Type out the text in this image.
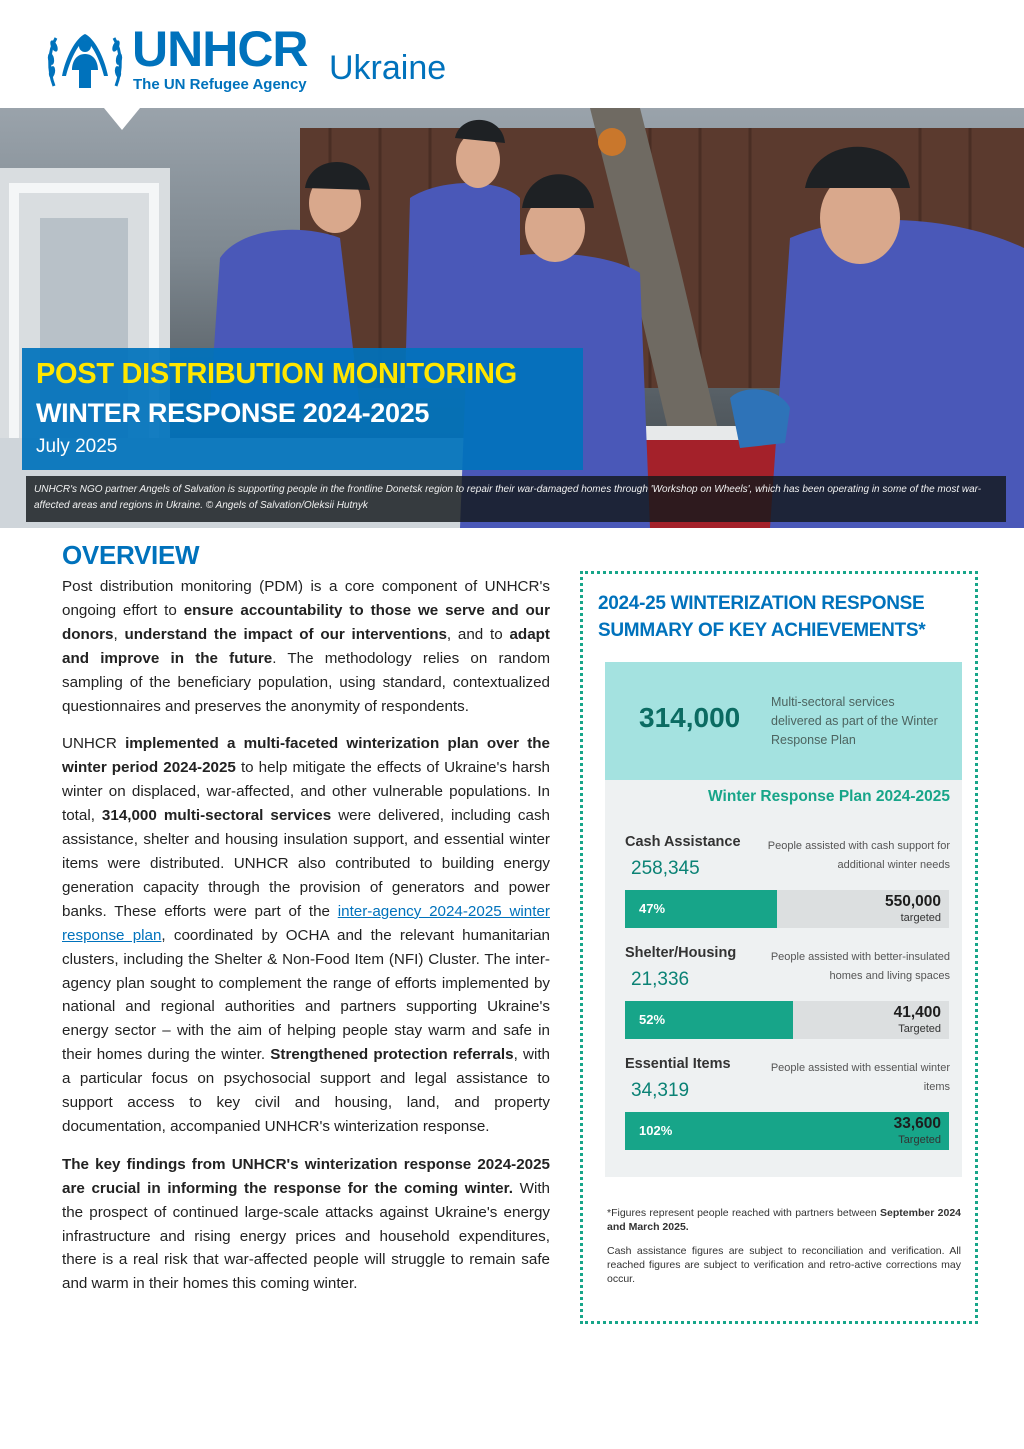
UNHCR
The UN Refugee Agency Ukraine
POST DISTRIBUTION MONITORING
WINTER RESPONSE 2024-2025
July 2025
UNHCR's NGO partner Angels of Salvation is supporting people in the frontline Donetsk region to repair their war-damaged homes through 'Workshop on Wheels', which has been operating in some of the most war-affected areas and regions in Ukraine. © Angels of Salvation/Oleksii Hutnyk
OVERVIEW

Post distribution monitoring (PDM) is a core component of UNHCR's ongoing effort to ensure accountability to those we serve and our donors, understand the impact of our interventions, and to adapt and improve in the future. The methodology relies on random sampling of the beneficiary population, using standard, contextualized questionnaires and preserves the anonymity of respondents.

UNHCR implemented a multi-faceted winterization plan over the winter period 2024-2025 to help mitigate the effects of Ukraine's harsh winter on displaced, war-affected, and other vulnerable populations. In total, 314,000 multi-sectoral services were delivered, including cash assistance, shelter and housing insulation support, and essential winter items were distributed. UNHCR also contributed to building energy generation capacity through the provision of generators and power banks. These efforts were part of the inter-agency 2024-2025 winter response plan, coordinated by OCHA and the relevant humanitarian clusters, including the Shelter & Non-Food Item (NFI) Cluster. The inter-agency plan sought to complement the range of efforts implemented by national and regional authorities and partners supporting Ukraine's energy sector – with the aim of helping people stay warm and safe in their homes during the winter. Strengthened protection referrals, with a particular focus on psychosocial support and legal assistance to support access to key civil and housing, land, and property documentation, accompanied UNHCR's winterization response.

The key findings from UNHCR's winterization response 2024-2025 are crucial in informing the response for the coming winter. With the prospect of continued large-scale attacks against Ukraine's energy infrastructure and rising energy prices and household expenditures, there is a real risk that war-affected people will struggle to remain safe and warm in their homes this coming winter.

2024-25 WINTERIZATION RESPONSE SUMMARY OF KEY ACHIEVEMENTS*
314,000 Multi-sectoral services delivered as part of the Winter Response Plan
Winter Response Plan 2024-2025
Cash Assistance
258,345
People assisted with cash support for additional winter needs
47%	550,000
targeted
Shelter/Housing
21,336
People assisted with better-insulated homes and living spaces
52%	41,400
Targeted
Essential Items
34,319
People assisted with essential winter items
102%	33,600
Targeted
*Figures represent people reached with partners between September 2024 and March 2025.
Cash assistance figures are subject to reconciliation and verification. All reached figures are subject to verification and retro-active corrections may occur.
